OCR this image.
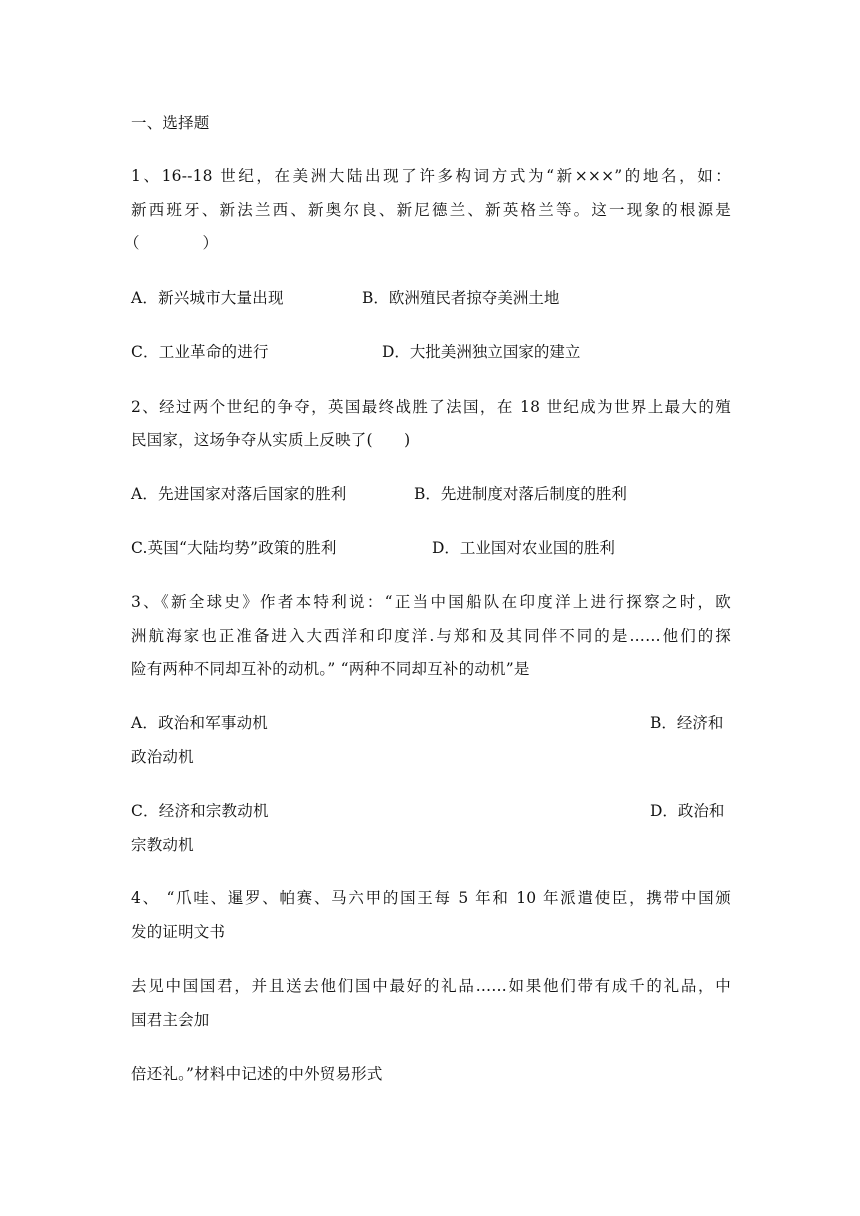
一、选择题
1、16--18 世纪，在美洲大陆出现了许多构词方式为“新×××”的地名，如：
新西班牙、新法兰西、新奥尔良、新尼德兰、新英格兰等。这一现象的根源是
（　　　　）
A．新兴城市大量出现	B．欧洲殖民者掠夺美洲土地
C．工业革命的进行	D．大批美洲独立国家的建立
2、经过两个世纪的争夺，英国最终战胜了法国，在 18 世纪成为世界上最大的殖
民国家，这场争夺从实质上反映了(　　)
A．先进国家对落后国家的胜利	B．先进制度对落后制度的胜利
C.英国“大陆均势”政策的胜利	D．工业国对农业国的胜利
3、《新全球史》作者本特利说：“正当中国船队在印度洋上进行探察之时，欧
洲航海家也正准备进入大西洋和印度洋.与郑和及其同伴不同的是……他们的探
险有两种不同却互补的动机。” “两种不同却互补的动机”是
A．政治和军事动机	B．经济和
政治动机
C．经济和宗教动机	D．政治和
宗教动机
4、 “爪哇、暹罗、帕赛、马六甲的国王每 5 年和 10 年派遣使臣，携带中国颁
发的证明文书
去见中国国君，并且送去他们国中最好的礼品……如果他们带有成千的礼品，中
国君主会加
倍还礼。”材料中记述的中外贸易形式
